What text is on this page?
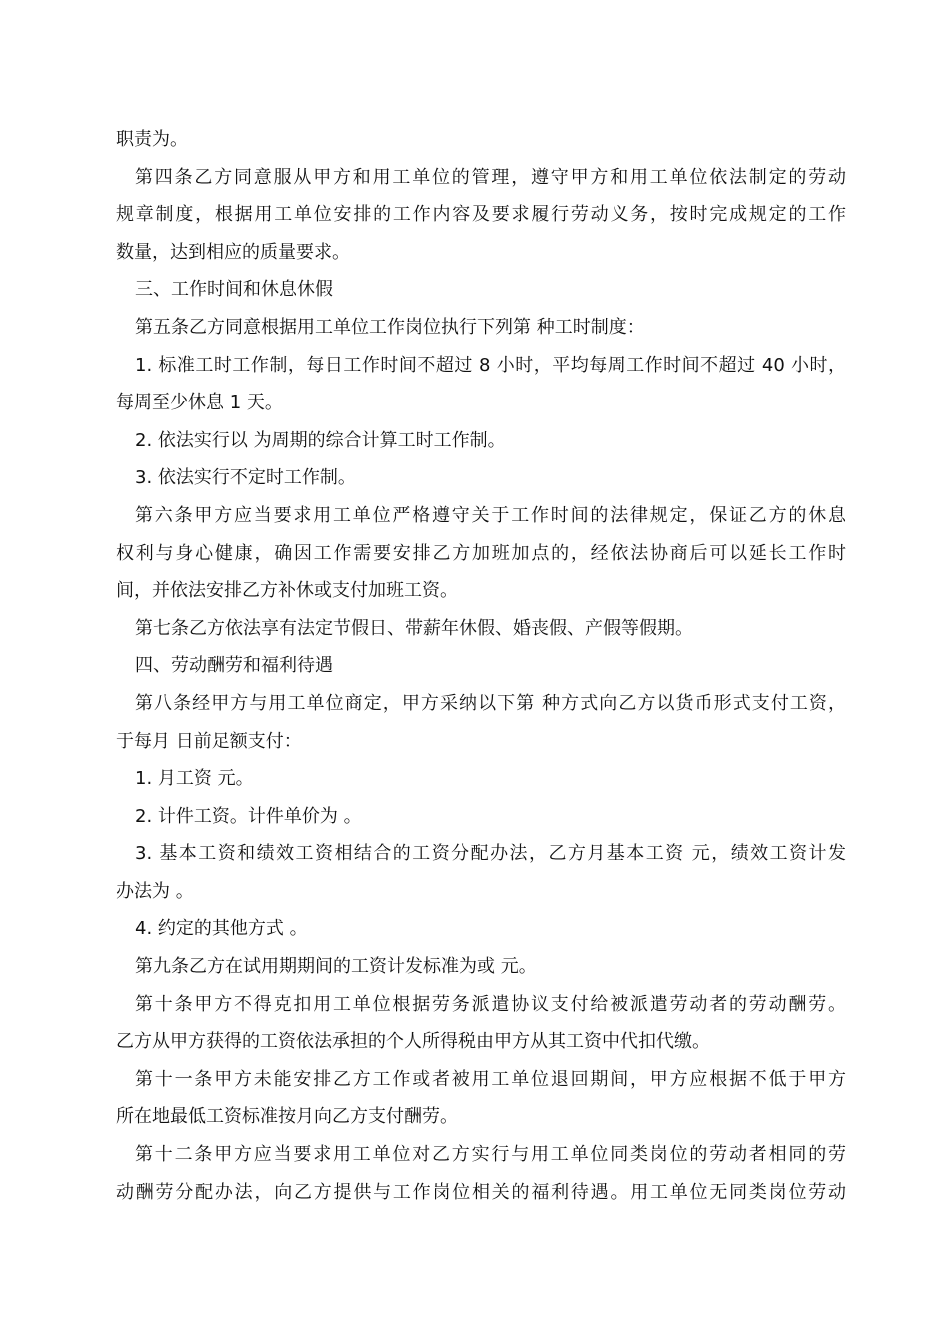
职责为。
第四条乙方同意服从甲方和用工单位的管理，遵守甲方和用工单位依法制定的劳动
规章制度，根据用工单位安排的工作内容及要求履行劳动义务，按时完成规定的工作
数量，达到相应的质量要求。
三、工作时间和休息休假
第五条乙方同意根据用工单位工作岗位执行下列第 种工时制度：
1. 标准工时工作制，每日工作时间不超过 8 小时，平均每周工作时间不超过 40 小时，
每周至少休息 1 天。
2. 依法实行以 为周期的综合计算工时工作制。
3. 依法实行不定时工作制。
第六条甲方应当要求用工单位严格遵守关于工作时间的法律规定，保证乙方的休息
权利与身心健康，确因工作需要安排乙方加班加点的，经依法协商后可以延长工作时
间，并依法安排乙方补休或支付加班工资。
第七条乙方依法享有法定节假日、带薪年休假、婚丧假、产假等假期。
四、劳动酬劳和福利待遇
第八条经甲方与用工单位商定，甲方采纳以下第 种方式向乙方以货币形式支付工资，
于每月 日前足额支付：
1. 月工资 元。
2. 计件工资。计件单价为 。
3. 基本工资和绩效工资相结合的工资分配办法，乙方月基本工资 元，绩效工资计发
办法为 。
4. 约定的其他方式 。
第九条乙方在试用期期间的工资计发标准为或 元。
第十条甲方不得克扣用工单位根据劳务派遣协议支付给被派遣劳动者的劳动酬劳。
乙方从甲方获得的工资依法承担的个人所得税由甲方从其工资中代扣代缴。
第十一条甲方未能安排乙方工作或者被用工单位退回期间，甲方应根据不低于甲方
所在地最低工资标准按月向乙方支付酬劳。
第十二条甲方应当要求用工单位对乙方实行与用工单位同类岗位的劳动者相同的劳
动酬劳分配办法，向乙方提供与工作岗位相关的福利待遇。用工单位无同类岗位劳动
